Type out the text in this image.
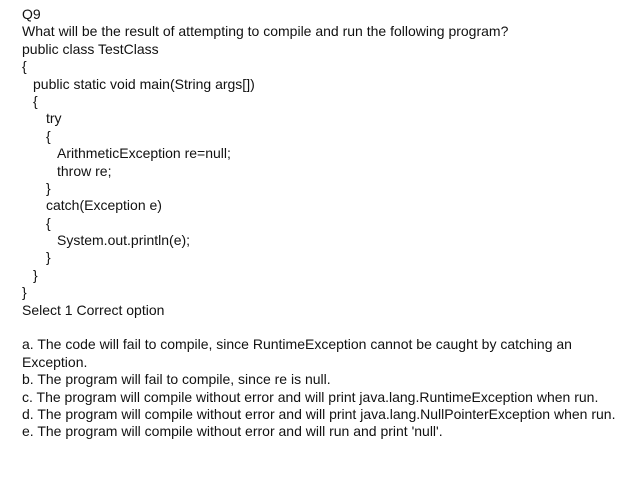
Q9
What will be the result of attempting to compile and run the following program?
public class TestClass
{
public static void main(String args[])
{
try
{
ArithmeticException re=null;
throw re;
}
catch(Exception e)
{
System.out.println(e);
}
}
}
Select 1 Correct option
a. The code will fail to compile, since RuntimeException cannot be caught by catching an Exception.
b. The program will fail to compile, since re is null.
c. The program will compile without error and will print java.lang.RuntimeException when run.
d. The program will compile without error and will print java.lang.NullPointerException when run.
e. The program will compile without error and will run and print 'null'.
